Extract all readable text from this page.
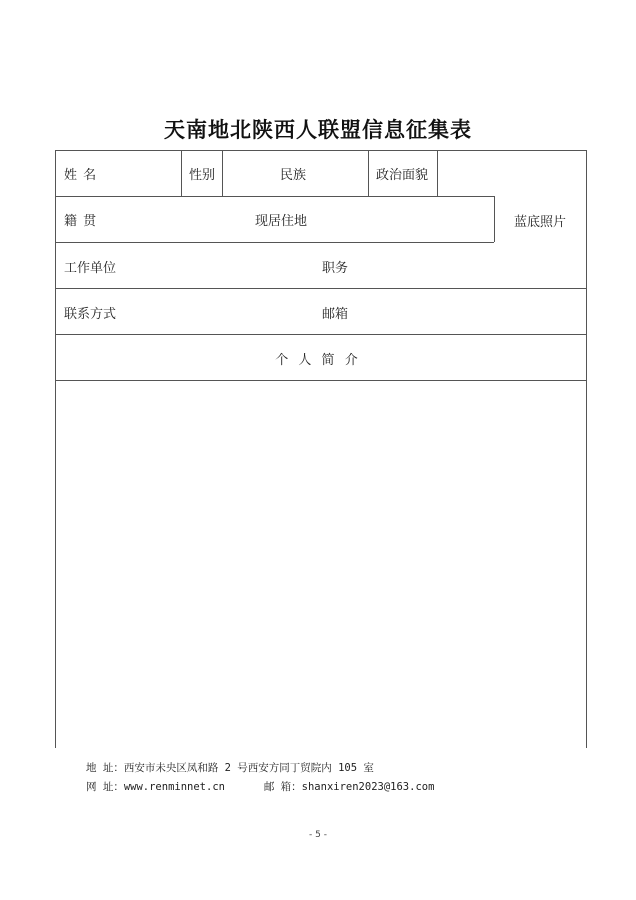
天南地北陕西人联盟信息征集表
姓 名	性别	民族	政治面貌
籍 贯	现居住地	蓝底照片
工作单位	职务
联系方式	邮箱
个 人 简 介
地 址：西安市未央区凤和路 2 号西安方同丁贸院内 105 室
网 址：www.renminnet.cn	邮 箱：shanxiren2023@163.com
- 5 -
